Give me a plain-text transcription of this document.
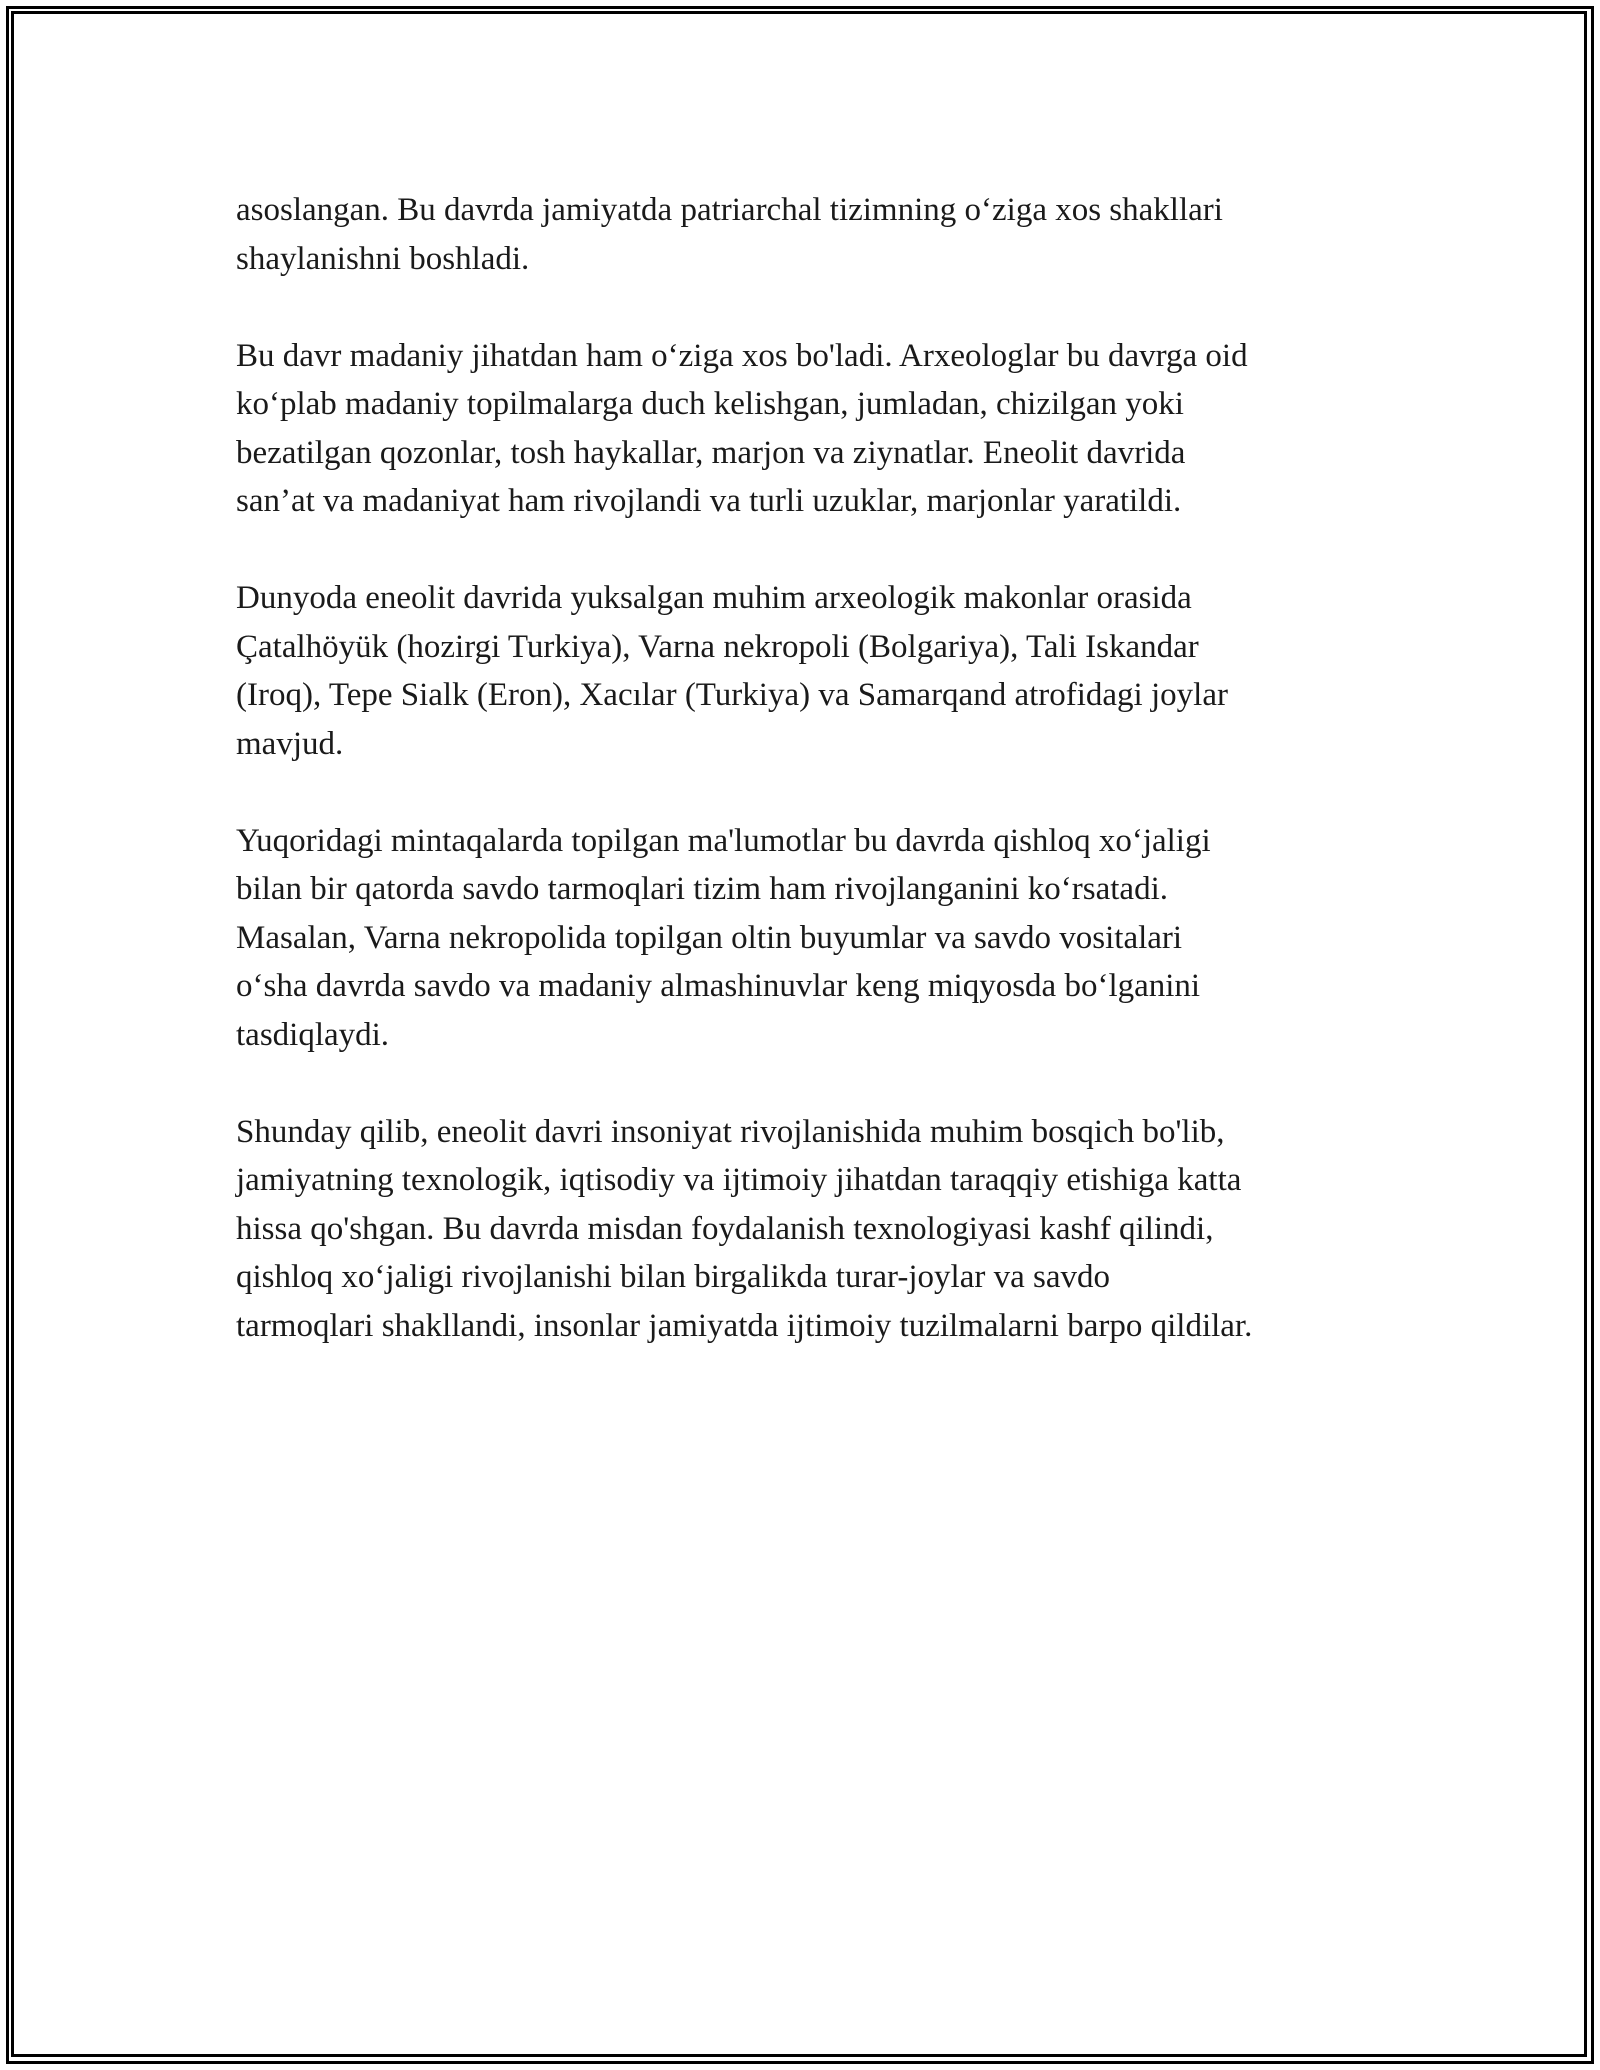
asoslangan. Bu davrda jamiyatda patriarchal tizimning o‘ziga xos shakllari
shaylanishni boshladi.

Bu davr madaniy jihatdan ham o‘ziga xos bo'ladi. Arxeologlar bu davrga oid
ko‘plab madaniy topilmalarga duch kelishgan, jumladan, chizilgan yoki
bezatilgan qozonlar, tosh haykallar, marjon va ziynatlar. Eneolit davrida
san’at va madaniyat ham rivojlandi va turli uzuklar, marjonlar yaratildi.

Dunyoda eneolit davrida yuksalgan muhim arxeologik makonlar orasida
Çatalhöyük (hozirgi Turkiya), Varna nekropoli (Bolgariya), Tali Iskandar
(Iroq), Tepe Sialk (Eron), Xacılar (Turkiya) va Samarqand atrofidagi joylar
mavjud.

Yuqoridagi mintaqalarda topilgan ma'lumotlar bu davrda qishloq xo‘jaligi
bilan bir qatorda savdo tarmoqlari tizim ham rivojlanganini ko‘rsatadi.
Masalan, Varna nekropolida topilgan oltin buyumlar va savdo vositalari
o‘sha davrda savdo va madaniy almashinuvlar keng miqyosda bo‘lganini
tasdiqlaydi.

Shunday qilib, eneolit davri insoniyat rivojlanishida muhim bosqich bo'lib,
jamiyatning texnologik, iqtisodiy va ijtimoiy jihatdan taraqqiy etishiga katta
hissa qo'shgan. Bu davrda misdan foydalanish texnologiyasi kashf qilindi,
qishloq xo‘jaligi rivojlanishi bilan birgalikda turar-joylar va savdo
tarmoqlari shakllandi, insonlar jamiyatda ijtimoiy tuzilmalarni barpo qildilar.
